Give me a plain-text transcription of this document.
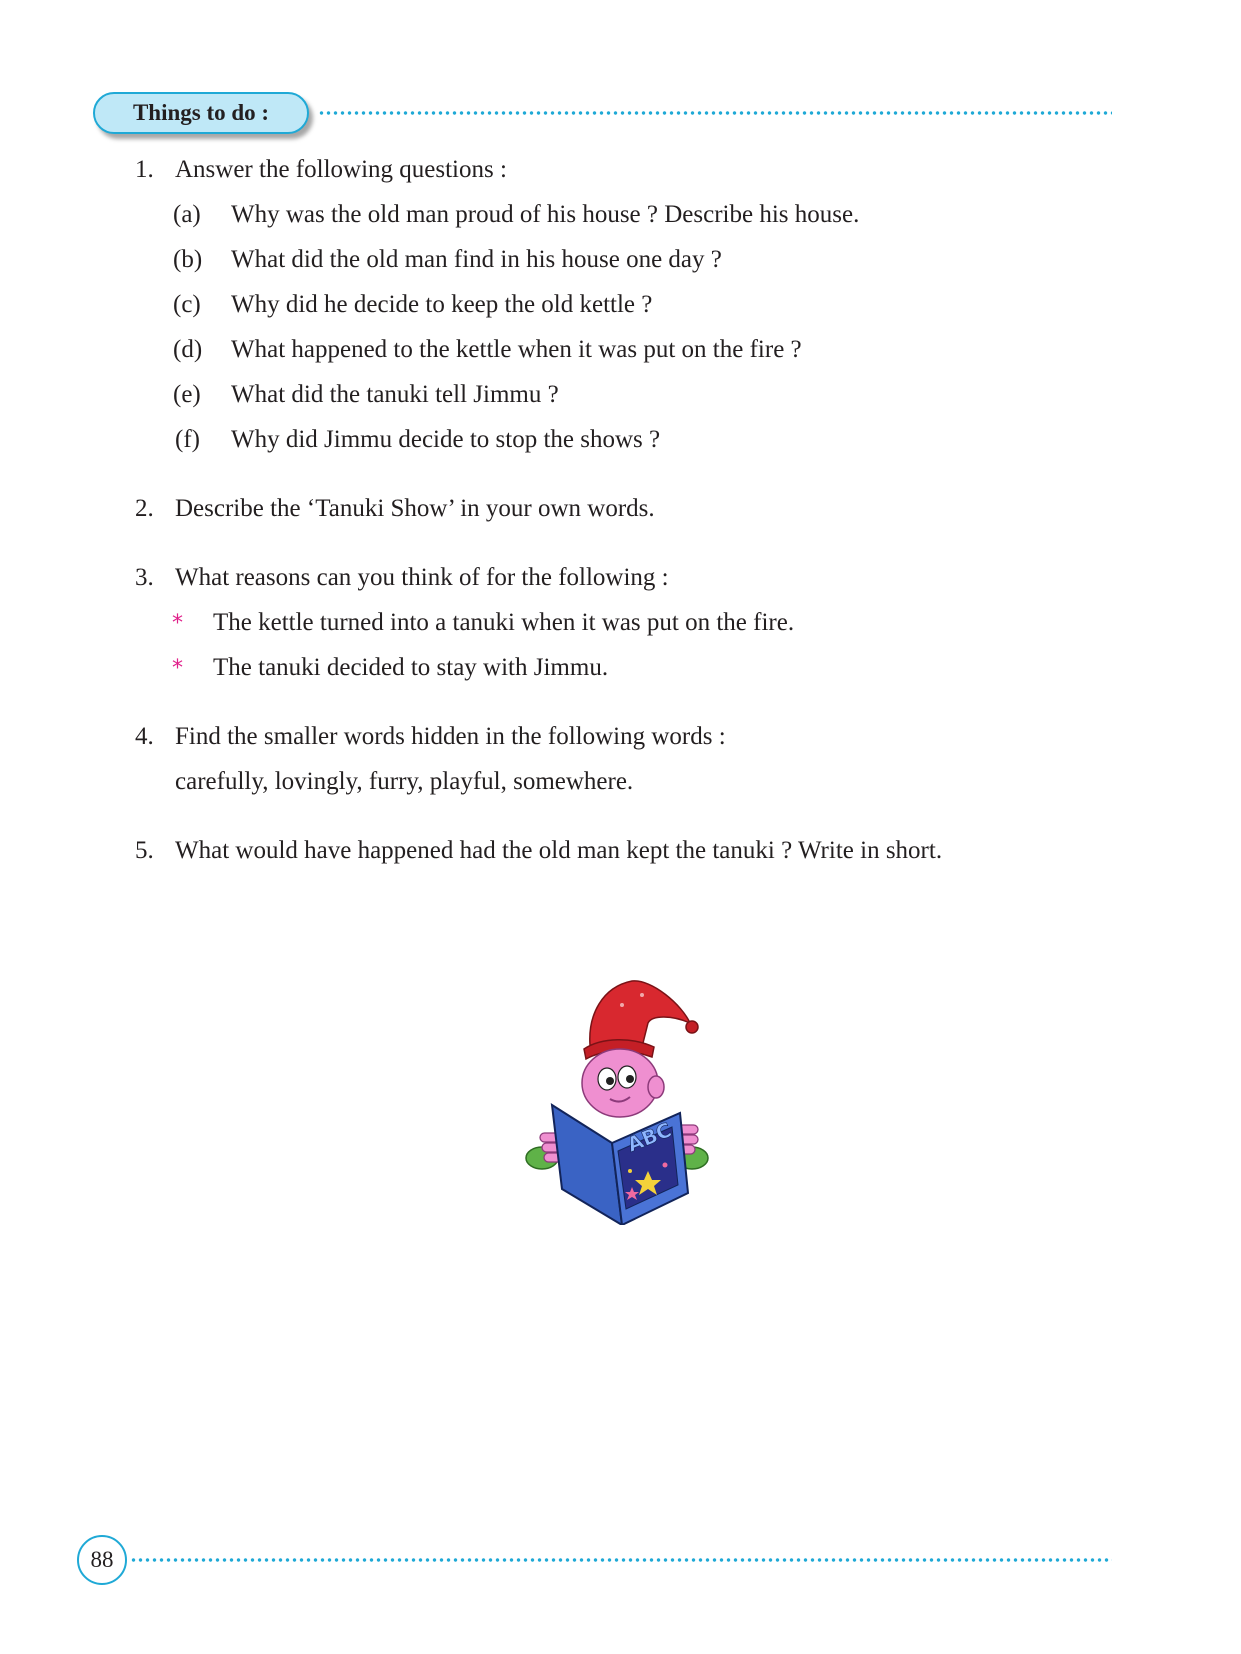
Things to do :
1. Answer the following questions :
(a) Why was the old man proud of his house ? Describe his house.
(b) What did the old man find in his house one day ?
(c) Why did he decide to keep the old kettle ?
(d) What happened to the kettle when it was put on the fire ?
(e) What did the tanuki tell Jimmu ?
(f) Why did Jimmu decide to stop the shows ?
2. Describe the ‘Tanuki Show’ in your own words.
3. What reasons can you think of for the following :
* The kettle turned into a tanuki when it was put on the fire.
* The tanuki decided to stay with Jimmu.
4. Find the smaller words hidden in the following words :
carefully, lovingly, furry, playful, somewhere.
5. What would have happened had the old man kept the tanuki ? Write in short.
ABC
88
